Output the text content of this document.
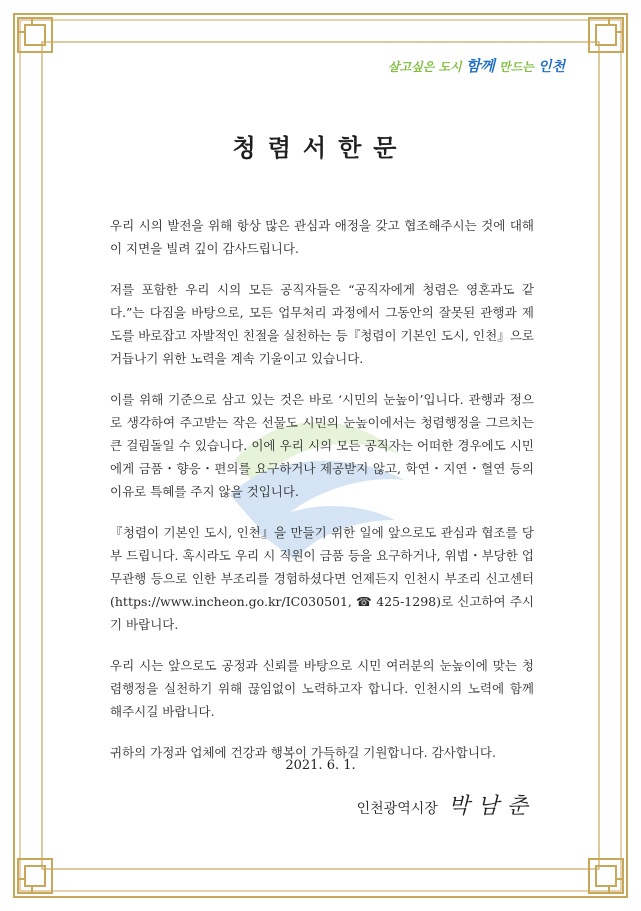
살고싶은 도시 함께 만드는 인천
청렴서한문

우리 시의 발전을 위해 항상 많은 관심과 애정을 갖고 협조해주시는 것에 대해 이 지면을 빌려 깊이 감사드립니다.

저를 포함한 우리 시의 모든 공직자들은 “공직자에게 청렴은 영혼과도 같다.”는 다짐을 바탕으로, 모든 업무처리 과정에서 그동안의 잘못된 관행과 제도를 바로잡고 자발적인 친절을 실천하는 등『청렴이 기본인 도시, 인천』으로 거듭나기 위한 노력을 계속 기울이고 있습니다.

이를 위해 기준으로 삼고 있는 것은 바로 ‘시민의 눈높이’입니다. 관행과 정으로 생각하여 주고받는 작은 선물도 시민의 눈높이에서는 청렴행정을 그르치는 큰 걸림돌일 수 있습니다. 이에 우리 시의 모든 공직자는 어떠한 경우에도 시민에게 금품・향응・편의를 요구하거나 제공받지 않고, 학연・지연・혈연 등의 이유로 특혜를 주지 않을 것입니다.

『청렴이 기본인 도시, 인천』을 만들기 위한 일에 앞으로도 관심과 협조를 당부 드립니다. 혹시라도 우리 시 직원이 금품 등을 요구하거나, 위법・부당한 업무관행 등으로 인한 부조리를 경험하셨다면 언제든지 인천시 부조리 신고센터(https://www.incheon.go.kr/IC030501, ☎ 425-1298)로 신고하여 주시기 바랍니다.

우리 시는 앞으로도 공정과 신뢰를 바탕으로 시민 여러분의 눈높이에 맞는 청렴행정을 실천하기 위해 끊임없이 노력하고자 합니다. 인천시의 노력에 함께 해주시길 바랍니다.

귀하의 가정과 업체에 건강과 행복이 가득하길 기원합니다. 감사합니다.

2021. 6. 1.
인천광역시장 박남춘
